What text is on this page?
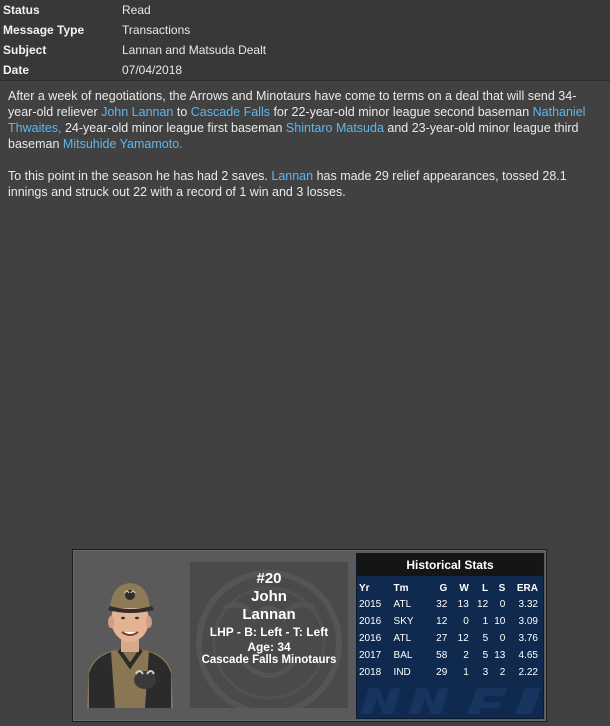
Status	Read
Message Type	Transactions
Subject	Lannan and Matsuda Dealt
Date	07/04/2018

After a week of negotiations, the Arrows and Minotaurs have come to terms on a deal that will send 34-year-old reliever John Lannan to Cascade Falls for 22-year-old minor league second baseman Nathaniel Thwaites, 24-year-old minor league first baseman Shintaro Matsuda and 23-year-old minor league third baseman Mitsuhide Yamamoto.

To this point in the season he has had 2 saves. Lannan has made 29 relief appearances, tossed 28.1 innings and struck out 22 with a record of 1 win and 3 losses.

#20
John
Lannan
LHP - B: Left - T: Left
Age: 34
Cascade Falls Minotaurs
Historical Stats
Yr	Tm	G	W	L	S	ERA
2015	ATL	32	13	12	0	3.32
2016	SKY	12	0	1	10	3.09
2016	ATL	27	12	5	0	3.76
2017	BAL	58	2	5	13	4.65
2018	IND	29	1	3	2	2.22
